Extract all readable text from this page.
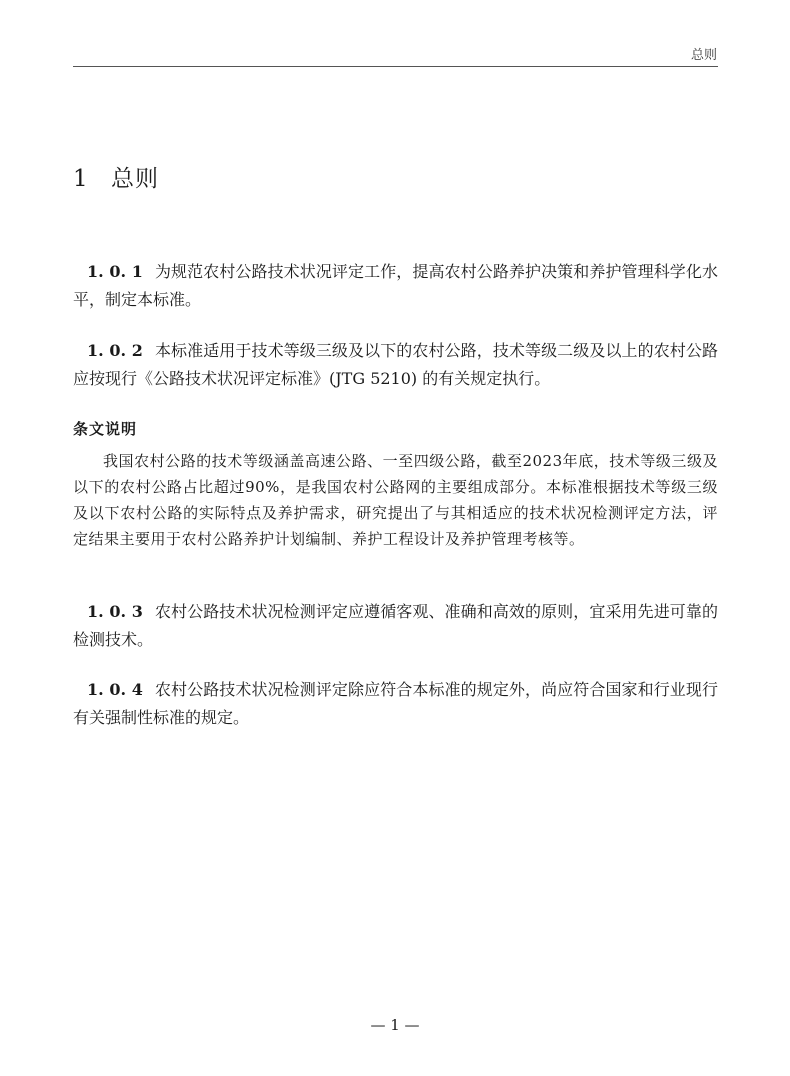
总则
1 总则

1. 0. 1 为规范农村公路技术状况评定工作，提高农村公路养护决策和养护管理科学化水平，制定本标准。

1. 0. 2 本标准适用于技术等级三级及以下的农村公路，技术等级二级及以上的农村公路应按现行《公路技术状况评定标准》(JTG 5210) 的有关规定执行。

条文说明

我国农村公路的技术等级涵盖高速公路、一至四级公路，截至2023年底，技术等级三级及以下的农村公路占比超过90%，是我国农村公路网的主要组成部分。本标准根据技术等级三级及以下农村公路的实际特点及养护需求，研究提出了与其相适应的技术状况检测评定方法，评定结果主要用于农村公路养护计划编制、养护工程设计及养护管理考核等。

1. 0. 3 农村公路技术状况检测评定应遵循客观、准确和高效的原则，宜采用先进可靠的检测技术。

1. 0. 4 农村公路技术状况检测评定除应符合本标准的规定外，尚应符合国家和行业现行有关强制性标准的规定。

— 1 —
